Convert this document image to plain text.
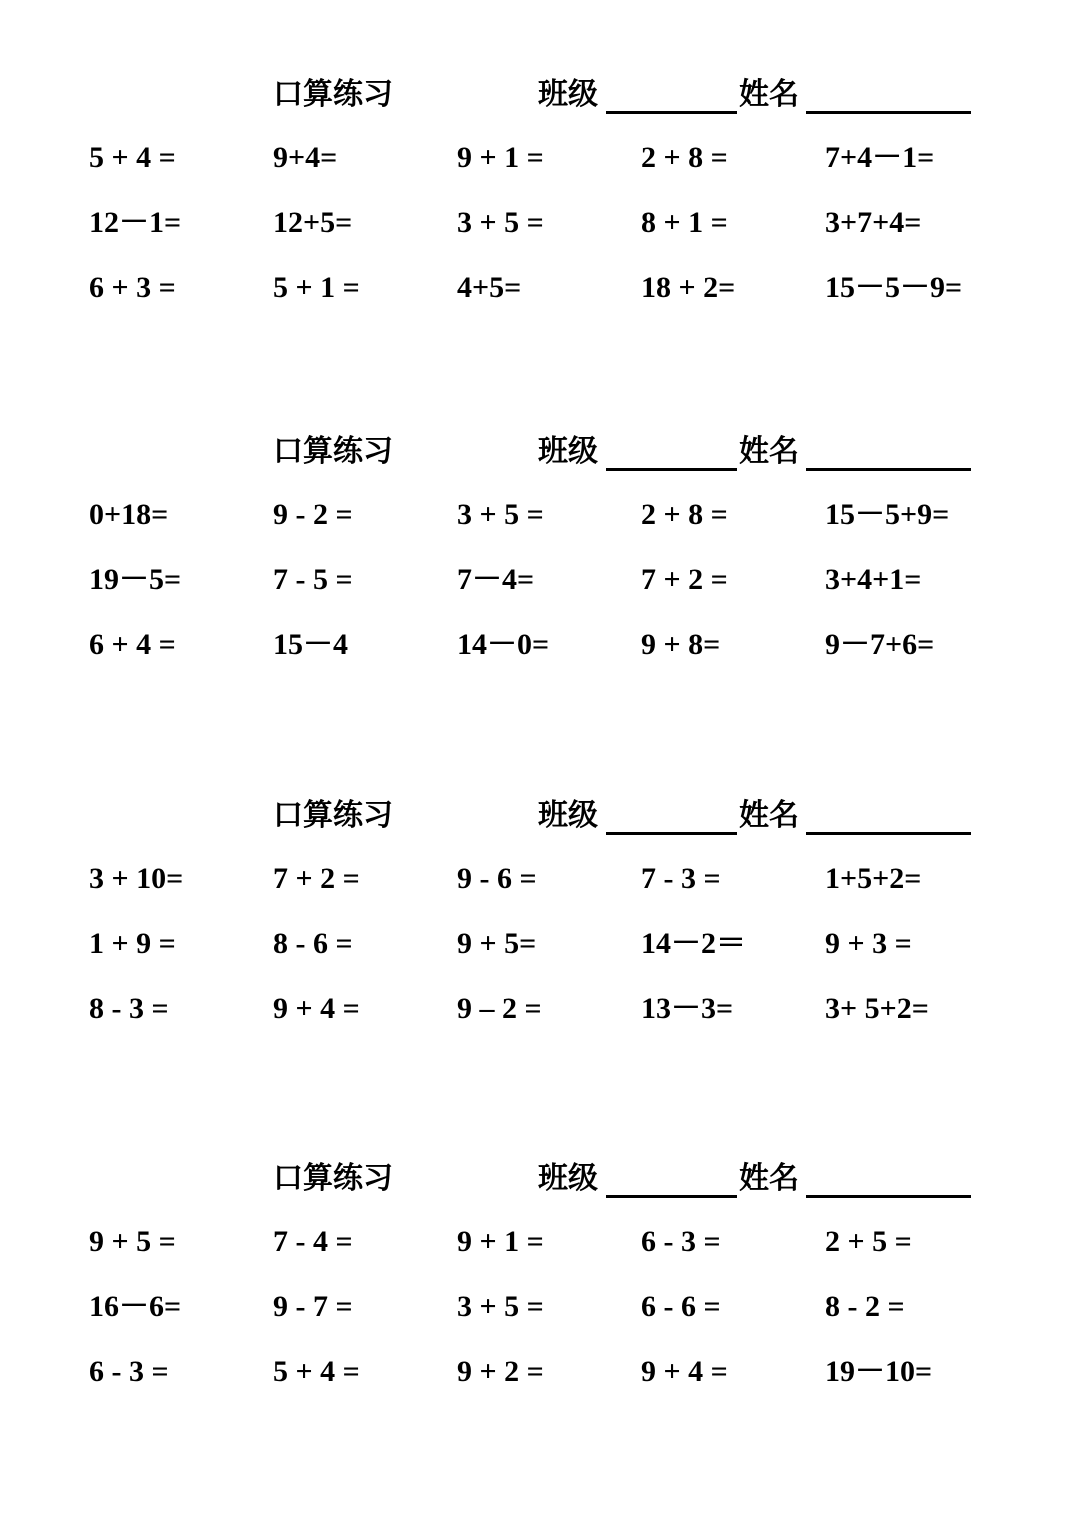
口算练习	班级	姓名
5 + 4 =	9+4=	9 + 1 =	2 + 8 =	7+4－1=
12－1=	12+5=	3 + 5 =	8 + 1 =	3+7+4=
6 + 3 =	5 + 1 =	4+5=	18 + 2=	15－5－9=
口算练习	班级	姓名
0+18=	9 - 2 =	3 + 5 =	2 + 8 =	15－5+9=
19－5=	7 - 5 =	7－4=	7 + 2 =	3+4+1=
6 + 4 =	15－4	14－0=	9 + 8=	9－7+6=
口算练习	班级	姓名
3 + 10=	7 + 2 =	9 - 6 =	7 - 3 =	1+5+2=
1 + 9 =	8 - 6 =	9 + 5=	14－2＝	9 + 3 =
8 - 3 =	9 + 4 =	9 – 2 =	13－3=	3+ 5+2=
口算练习	班级	姓名
9 + 5 =	7 - 4 =	9 + 1 =	6 - 3 =	2 + 5 =
16－6=	9 - 7 =	3 + 5 =	6 - 6 =	8 - 2 =
6 - 3 =	5 + 4 =	9 + 2 =	9 + 4 =	19－10=
